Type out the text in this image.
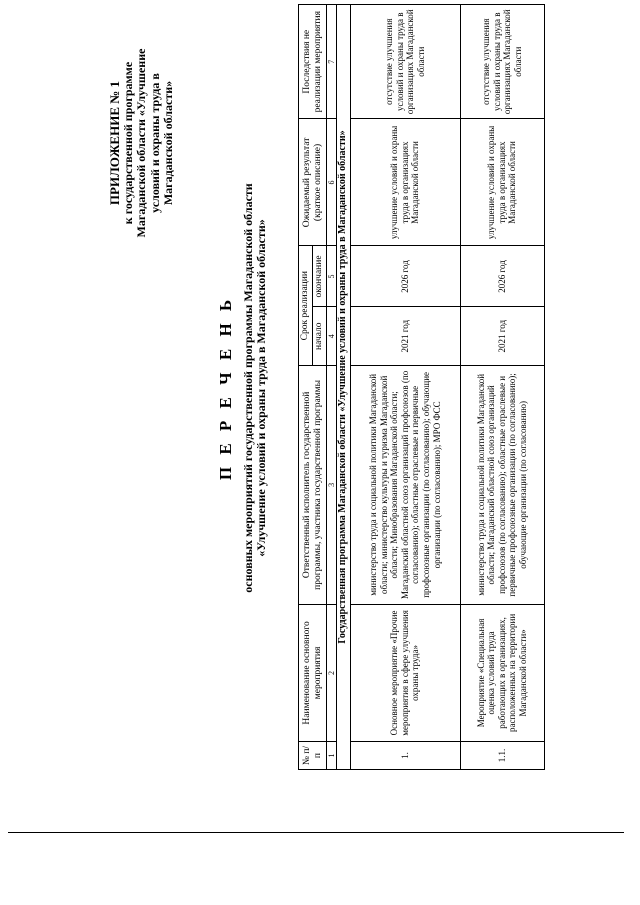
ПРИЛОЖЕНИЕ № 1
к государственной программе Магаданской области «Улучшение условий и охраны труда в Магаданской области»
П Е Р Е Ч Е Н Ь основных мероприятий государственной программы Магаданской области «Улучшение условий и охраны труда в Магаданской области»
№ п/п	Наименование основного мероприятия	Ответственный исполнитель государственной программы, участника государственной программы	Срок реализации		Ожидаемый результат (краткое описание)	Последствия не реализации мероприятия
			начало	окончание		
1	2	3	4	5	6	7
Государственная программа Магаданской области «Улучшение условий и охраны труда в Магаданской области»						
1.	Основное мероприятие «Прочие мероприятия в сфере улучшения охраны труда»	министерство труда и социальной политики Магаданской области; министерство культуры и туризма Магаданской области; Минобразования Магаданской области; Магаданский областной союз организаций профсоюзов (по согласованию); областные отраслевые и первичные профсоюзные организации (по согласованию); обучающие организации (по согласованию); МРО ФСС	2021 год	2026 год	улучшение условий и охраны труда в организациях Магаданской области	отсутствие улучшения условий и охраны труда в организациях Магаданской области
1.1.	Мероприятие «Специальная оценка условий труда работающих в организациях, расположенных на территории Магаданской области»	министерство труда и социальной политики Магаданской области; Магаданский областной союз организаций профсоюзов (по согласованию); областные отраслевые и первичные профсоюзные организации (по согласованию); обучающие организации (по согласованию)	2021 год	2026 год	улучшение условий и охраны труда в организациях Магаданской области	отсутствие улучшения условий и охраны труда в организациях Магаданской области
